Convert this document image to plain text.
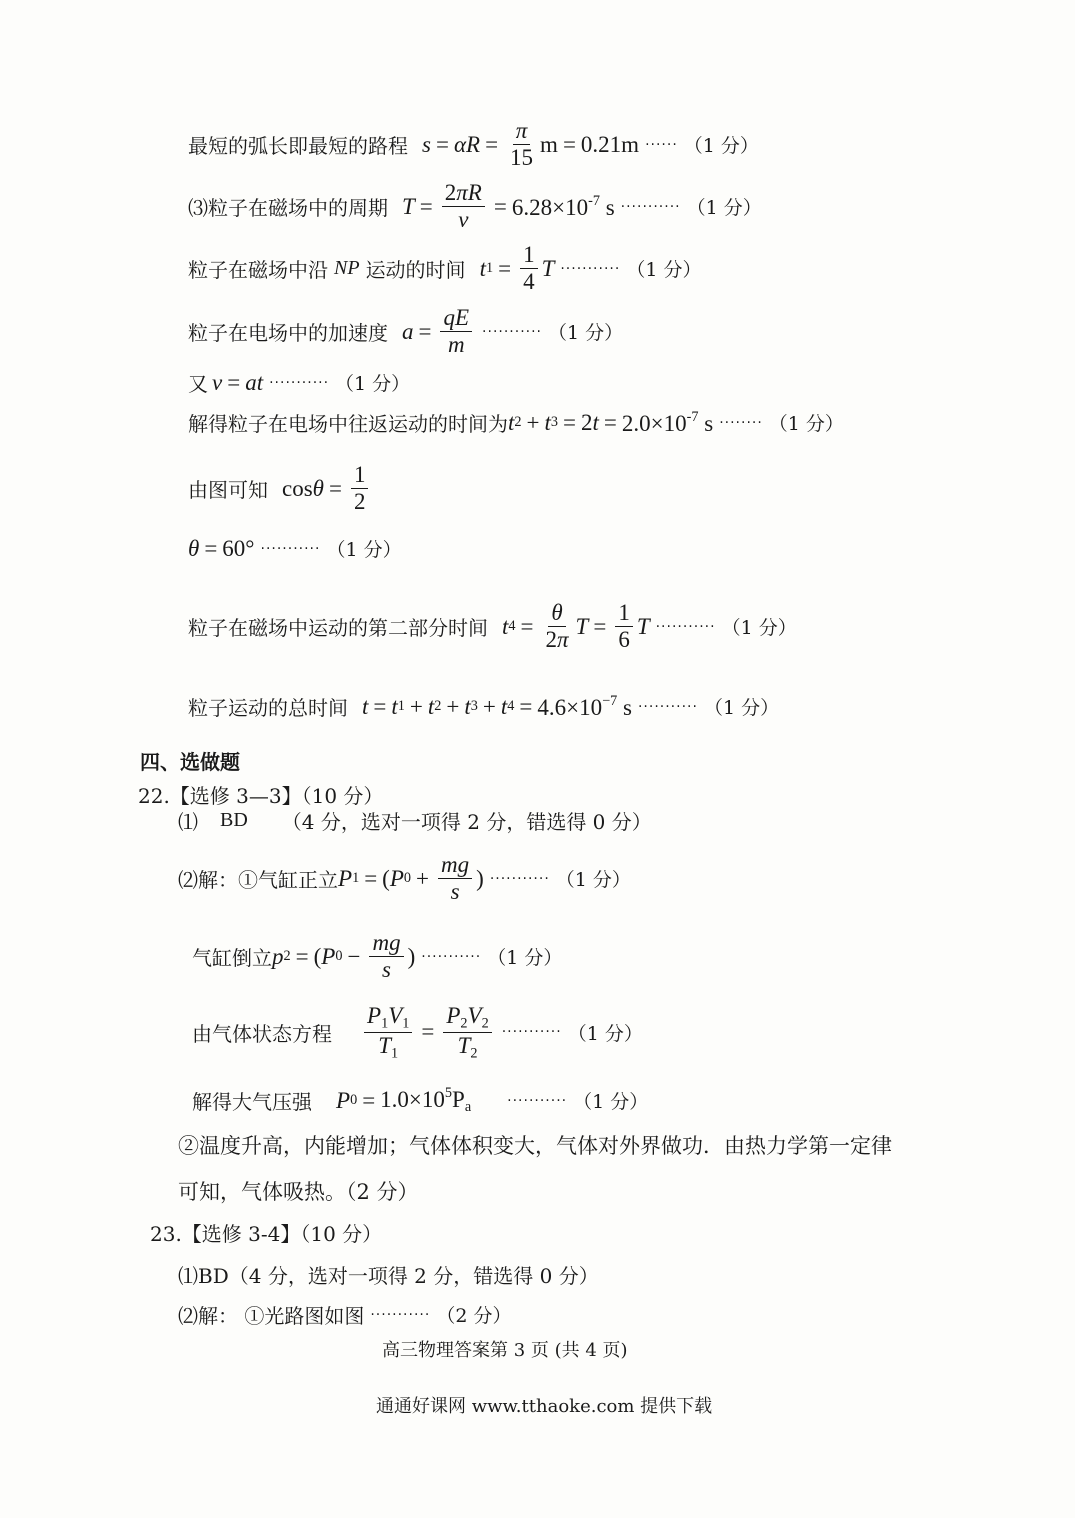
最短的弧长即最短的路程 $s = \alpha R = \frac{\pi}{15}$ m = 0.21m ······ （1 分）
⑶粒子在磁场中的周期 $T = \frac{2\pi R}{v} = 6.28\times 10^{-7}$ s ··········· （1 分）
粒子在磁场中沿 NP 运动的时间 t $1 = \frac{1}{4}$ T ··········· （1 分）
粒子在电场中的加速度 $a = \frac{qE}{m}$ ··········· （1 分）
又 v = at ··········· （1 分）
解得粒子在电场中往返运动的时间为 t 2 + t $3 = 2t = 2.0\times 10^{-7}$ s ········ （1 分）
由图可知 $\cos\theta = \frac{1}{2}$
θ = 60° ··········· （1 分）
粒子在磁场中运动的第二部分时间 t $4 = \frac{\theta}{2\pi}$ $T = \frac{1}{6}$ T ··········· （1 分）
粒子运动的总时间 t = t 1 + t 2 + t 3 + t $4 = 4.6\times 10^{-7}$ s ··········· （1 分）
四、选做题
22.【选修 3—3】（10 分）
⑴ BD （4 分，选对一项得 2 分，错选得 0 分）
⑵解：①气缸正立 P 1 = ( P $0 + \frac{mg}{s}$ ) ··········· （1 分）
气缸倒立 p 2 = ( P $0 - \frac{mg}{s}$ ) ··········· （1 分）
由气体状态方程 $\frac{P_1V_1}{T_1} = \frac{P_2V_2}{T_2}$ ··········· （1 分）
解得大气压强 P $0 = 1.0\times 10^5P_a$	··········· （1 分）
②温度升高，内能增加；气体体积变大，气体对外界做功．由热力学第一定律
可知，气体吸热。（2 分）
23.【选修 3-4】（10 分）
⑴BD（4 分，选对一项得 2 分，错选得 0 分）
⑵解： ①光路图如图 ··········· （2 分）
高三物理答案第 3 页 (共 4 页)
通通好课网 www.tthaoke.com 提供下载
